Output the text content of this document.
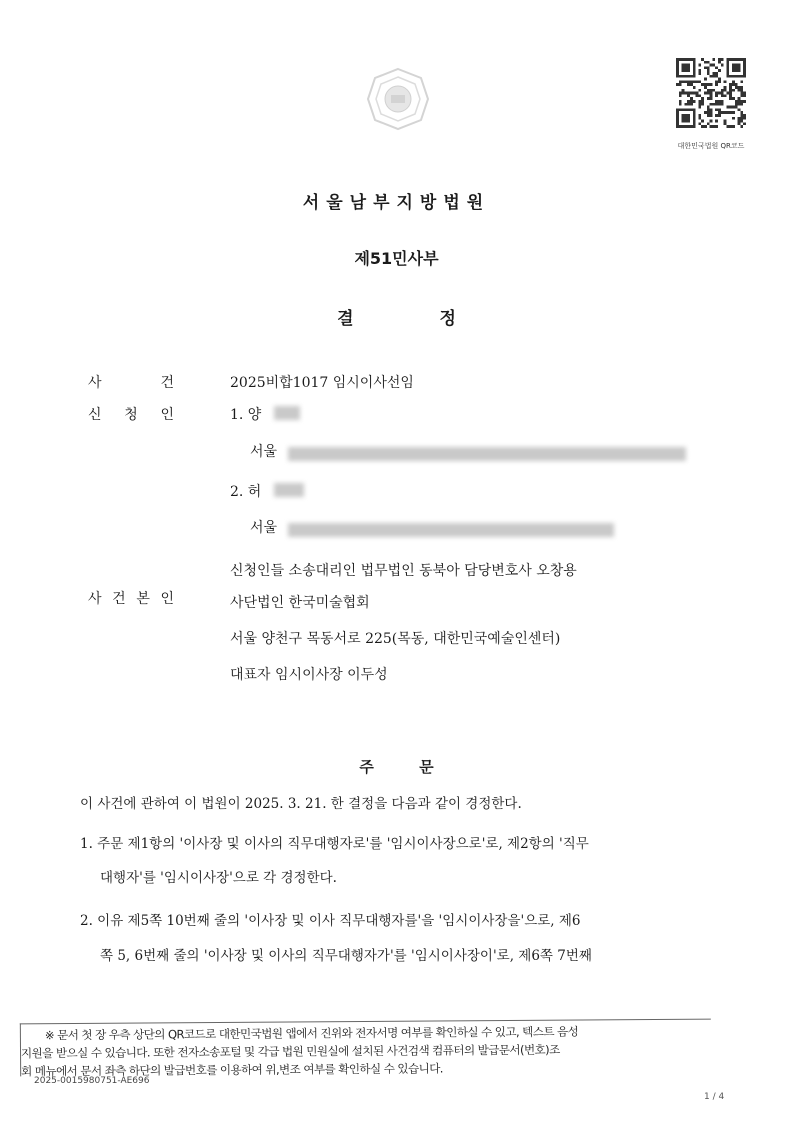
대한민국법원 QR코드
서울남부지방법원
제51민사부
결 정
사 건	2025비합1017 임시이사선임
신 청 인	1. 양
서울
2. 허
서울
신청인들 소송대리인 법무법인 동북아 담당변호사 오창용
사 건 본 인	사단법인 한국미술협회
서울 양천구 목동서로 225(목동, 대한민국예술인센터)
대표자 임시이사장 이두성
주 문
이 사건에 관하여 이 법원이 2025. 3. 21. 한 결정을 다음과 같이 경정한다.
1. 주문 제1항의 '이사장 및 이사의 직무대행자로'를 '임시이사장으로'로, 제2항의 '직무
대행자'를 '임시이사장'으로 각 경정한다.
2. 이유 제5쪽 10번째 줄의 '이사장 및 이사 직무대행자를'을 '임시이사장을'으로, 제6
쪽 5, 6번째 줄의 '이사장 및 이사의 직무대행자가'를 '임시이사장이'로, 제6쪽 7번째
※ 문서 첫 장 우측 상단의 QR코드로 대한민국법원 앱에서 진위와 전자서명 여부를 확인하실 수 있고, 텍스트 음성
지원을 받으실 수 있습니다. 또한 전자소송포털 및 각급 법원 민원실에 설치된 사건검색 컴퓨터의 발급문서(번호)조
회 메뉴에서 문서 좌측 하단의 발급번호를 이용하여 위,변조 여부를 확인하실 수 있습니다.
2025-0015980751-AE696
1 / 4
